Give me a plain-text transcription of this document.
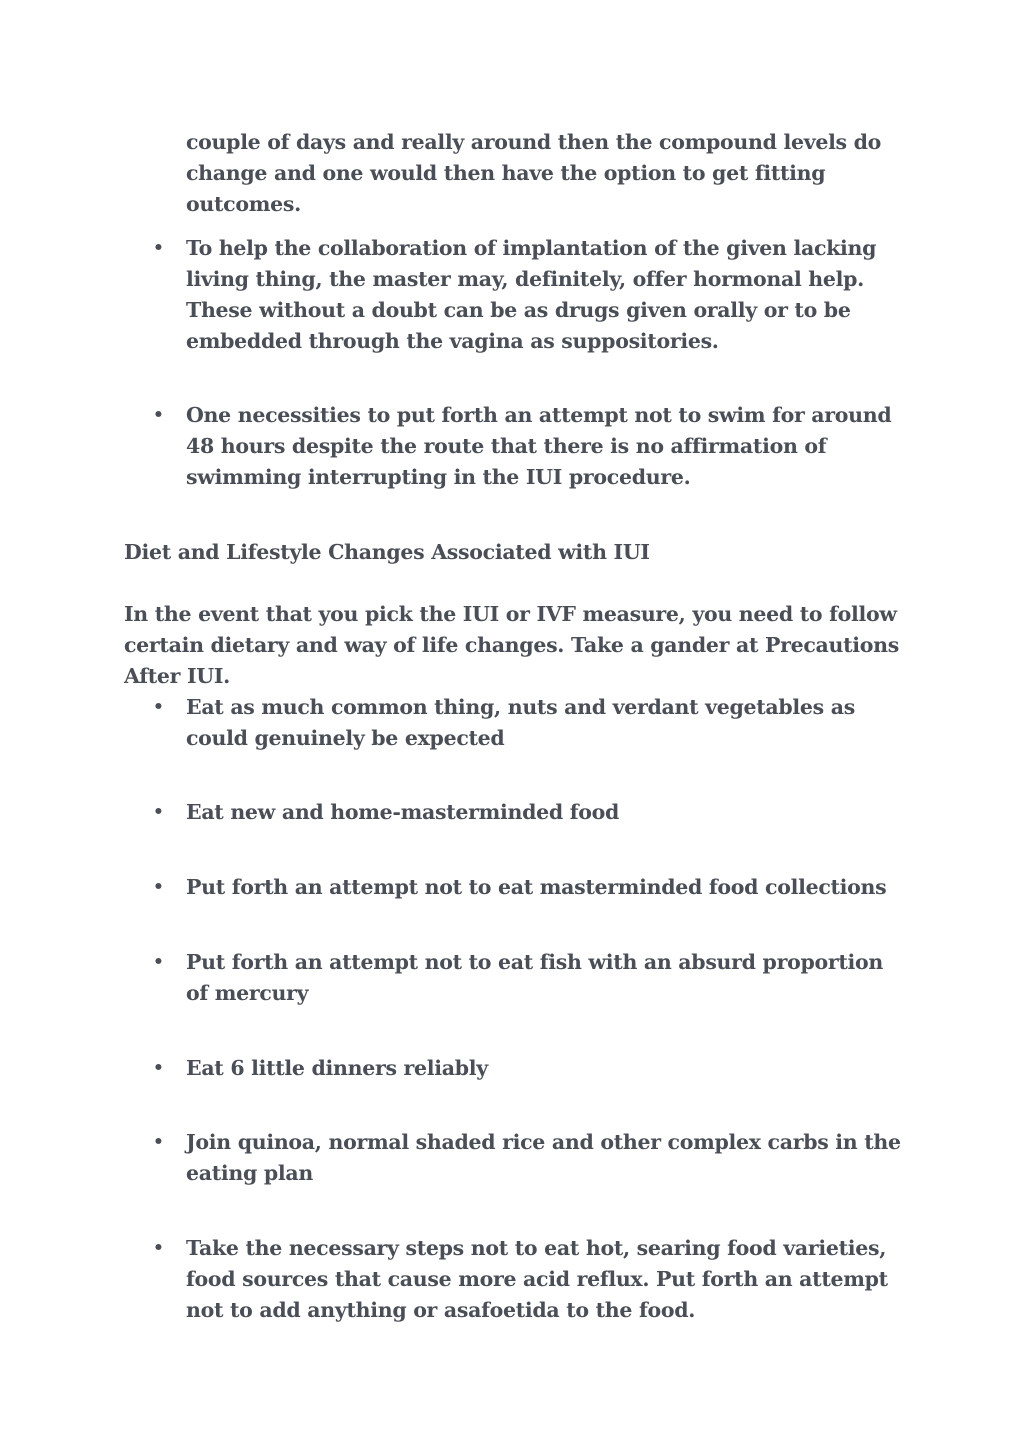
couple of days and really around then the compound levels do change and one would then have the option to get fitting outcomes.

• To help the collaboration of implantation of the given lacking living thing, the master may, definitely, offer hormonal help. These without a doubt can be as drugs given orally or to be embedded through the vagina as suppositories.

• One necessities to put forth an attempt not to swim for around 48 hours despite the route that there is no affirmation of swimming interrupting in the IUI procedure.

Diet and Lifestyle Changes Associated with IUI

In the event that you pick the IUI or IVF measure, you need to follow certain dietary and way of life changes. Take a gander at Precautions After IUI.

• Eat as much common thing, nuts and verdant vegetables as could genuinely be expected

• Eat new and home-masterminded food

• Put forth an attempt not to eat masterminded food collections

• Put forth an attempt not to eat fish with an absurd proportion of mercury

• Eat 6 little dinners reliably

• Join quinoa, normal shaded rice and other complex carbs in the eating plan

• Take the necessary steps not to eat hot, searing food varieties, food sources that cause more acid reflux. Put forth an attempt not to add anything or asafoetida to the food.
